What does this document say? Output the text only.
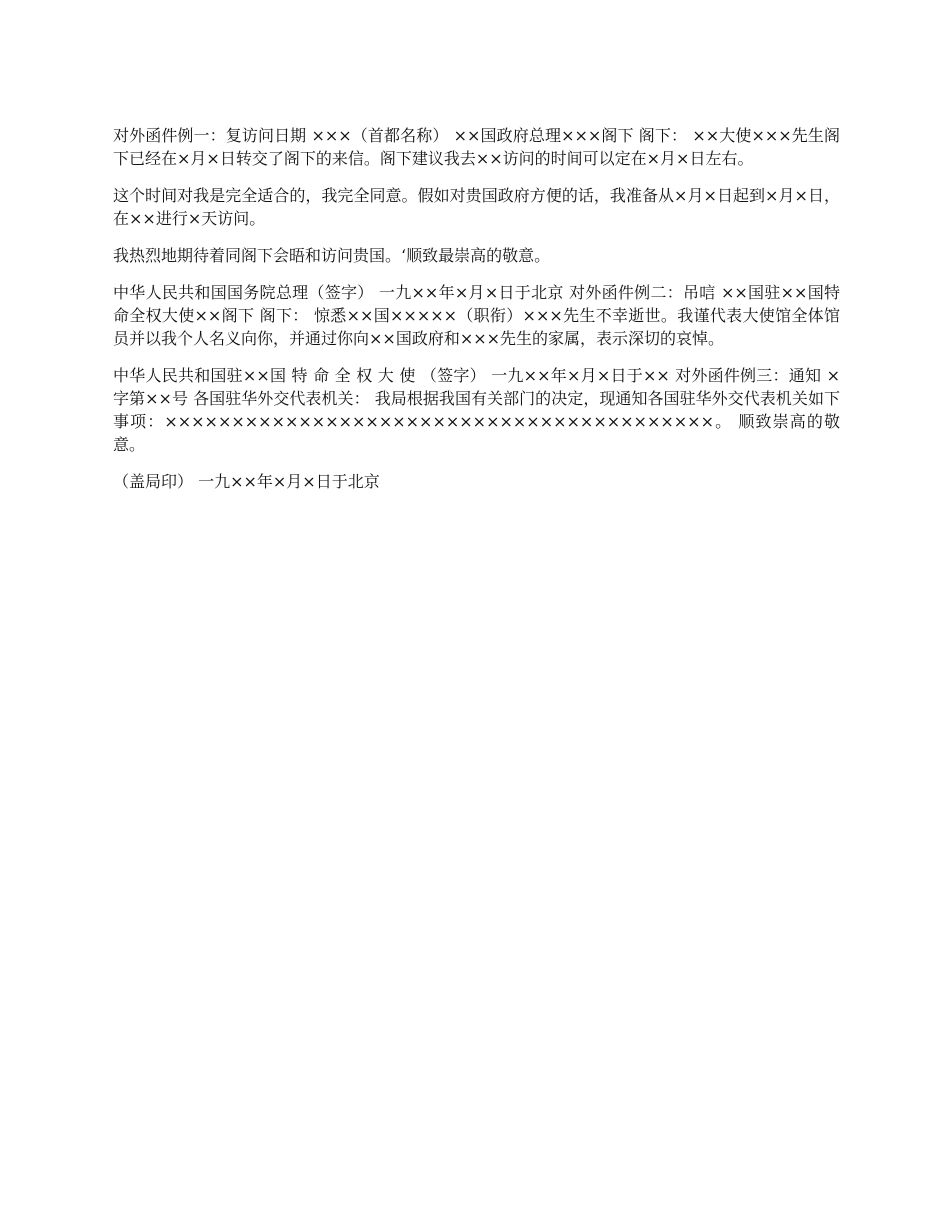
对外函件例一：复访问日期 ×××（首都名称） ××国政府总理×××阁下 阁下： ××大使×××先生阁下已经在×月×日转交了阁下的来信。阁下建议我去××访问的时间可以定在×月×日左右。

这个时间对我是完全适合的，我完全同意。假如对贵国政府方便的话，我准备从×月×日起到×月×日，在××进行×天访问。

我热烈地期待着同阁下会晤和访问贵国。‘顺致最崇高的敬意。

中华人民共和国国务院总理（签字） 一九××年×月×日于北京 对外函件例二：吊唁 ××国驻××国特命全权大使××阁下 阁下： 惊悉××国×××××（职衔）×××先生不幸逝世。我谨代表大使馆全体馆员并以我个人名义向你，并通过你向××国政府和×××先生的家属，表示深切的哀悼。

中华人民共和国驻××国 特 命 全 权 大 使 （签字） 一九××年×月×日于×× 对外函件例三：通知 ×字第××号 各国驻华外交代表机关： 我局根据我国有关部门的决定，现通知各国驻华外交代表机关如下事项：×××××××××××××××××××××××××××××××××××××××××。 顺致崇高的敬意。

（盖局印） 一九××年×月×日于北京
